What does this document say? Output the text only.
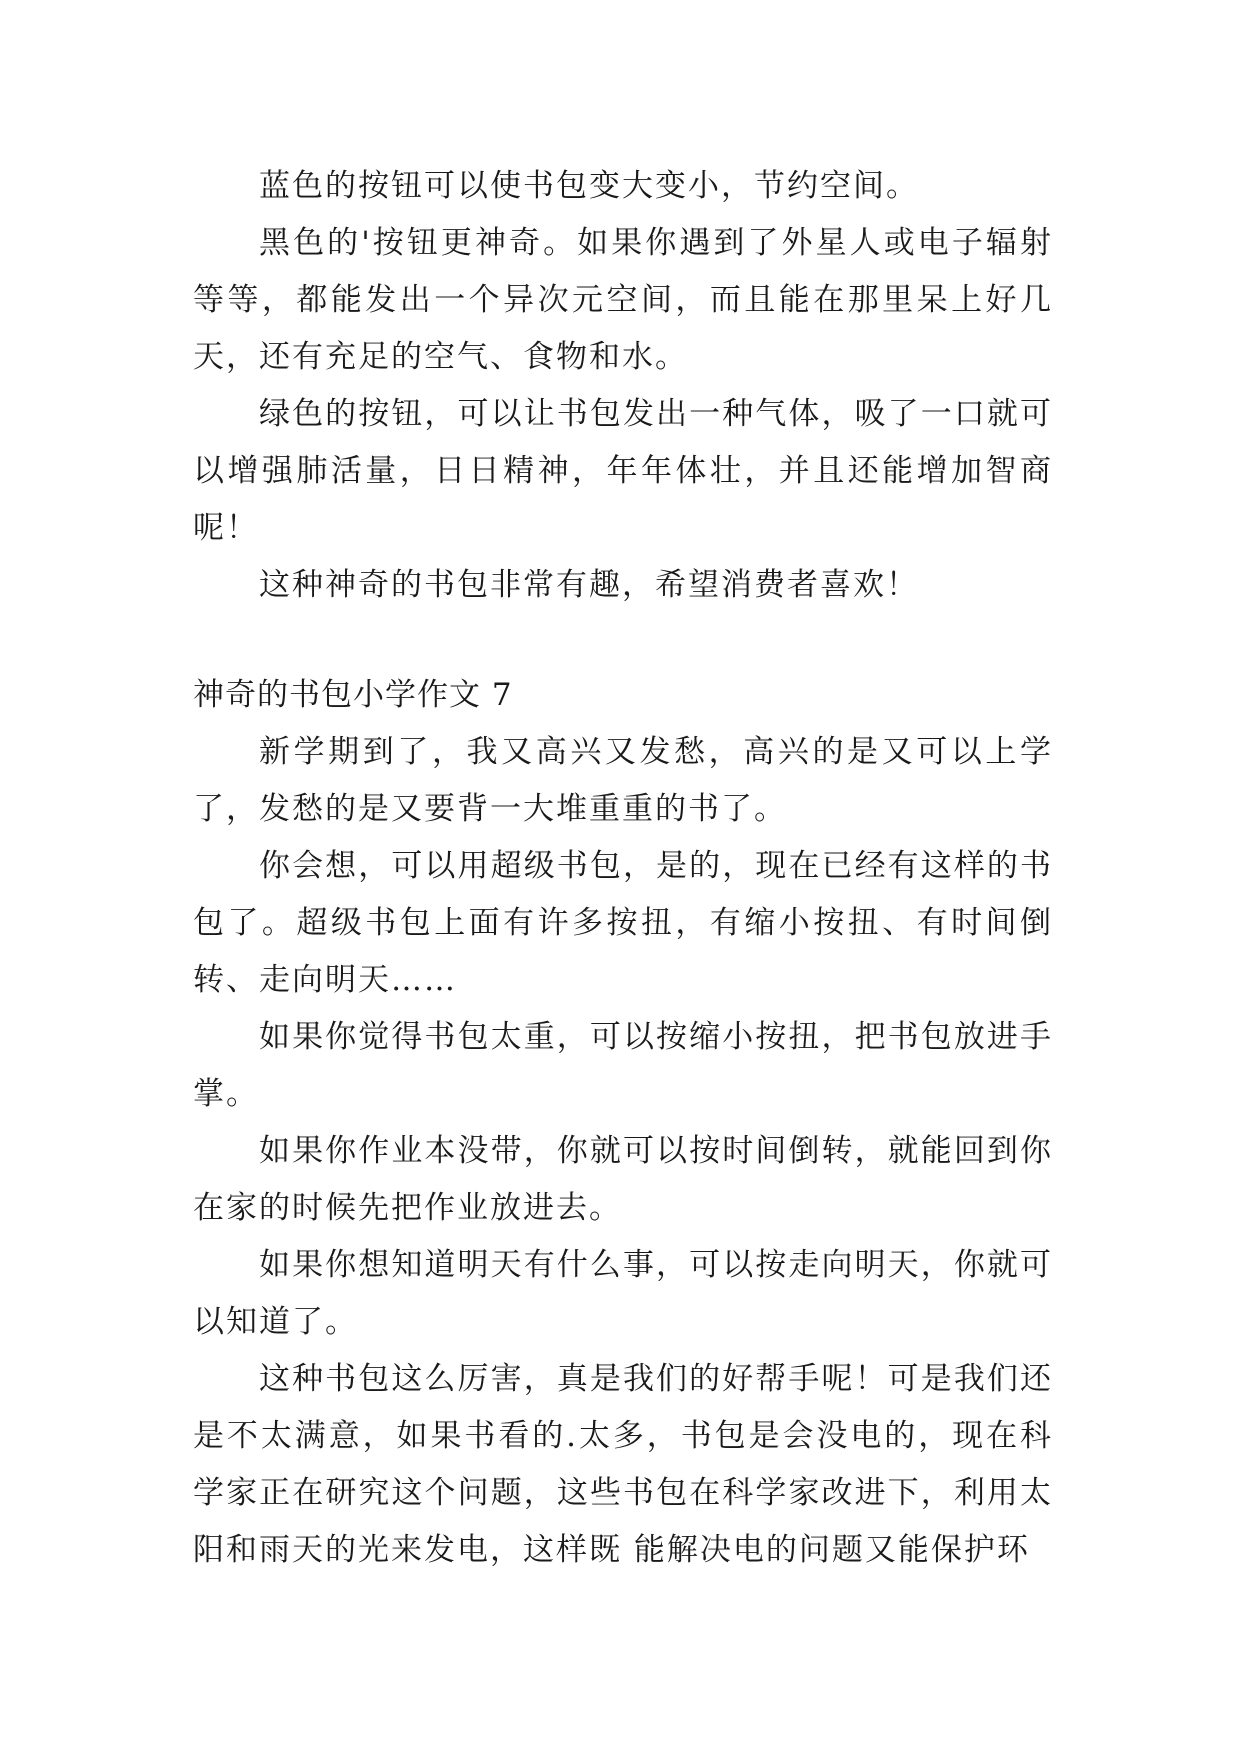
蓝色的按钮可以使书包变大变小，节约空间。

黑色的'按钮更神奇。如果你遇到了外星人或电子辐射等等，都能发出一个异次元空间，而且能在那里呆上好几天，还有充足的空气、食物和水。

绿色的按钮，可以让书包发出一种气体，吸了一口就可以增强肺活量，日日精神，年年体壮，并且还能增加智商呢！

这种神奇的书包非常有趣，希望消费者喜欢！

神奇的书包小学作文 7

新学期到了，我又高兴又发愁，高兴的是又可以上学了，发愁的是又要背一大堆重重的书了。

你会想，可以用超级书包，是的，现在已经有这样的书包了。超级书包上面有许多按扭，有缩小按扭、有时间倒转、走向明天……

如果你觉得书包太重，可以按缩小按扭，把书包放进手掌。

如果你作业本没带，你就可以按时间倒转，就能回到你在家的时候先把作业放进去。

如果你想知道明天有什么事，可以按走向明天，你就可以知道了。

这种书包这么厉害，真是我们的好帮手呢！可是我们还是不太满意，如果书看的.太多，书包是会没电的，现在科学家正在研究这个问题，这些书包在科学家改进下，利用太阳和雨天的光来发电，这样既 能解决电的问题又能保护环
